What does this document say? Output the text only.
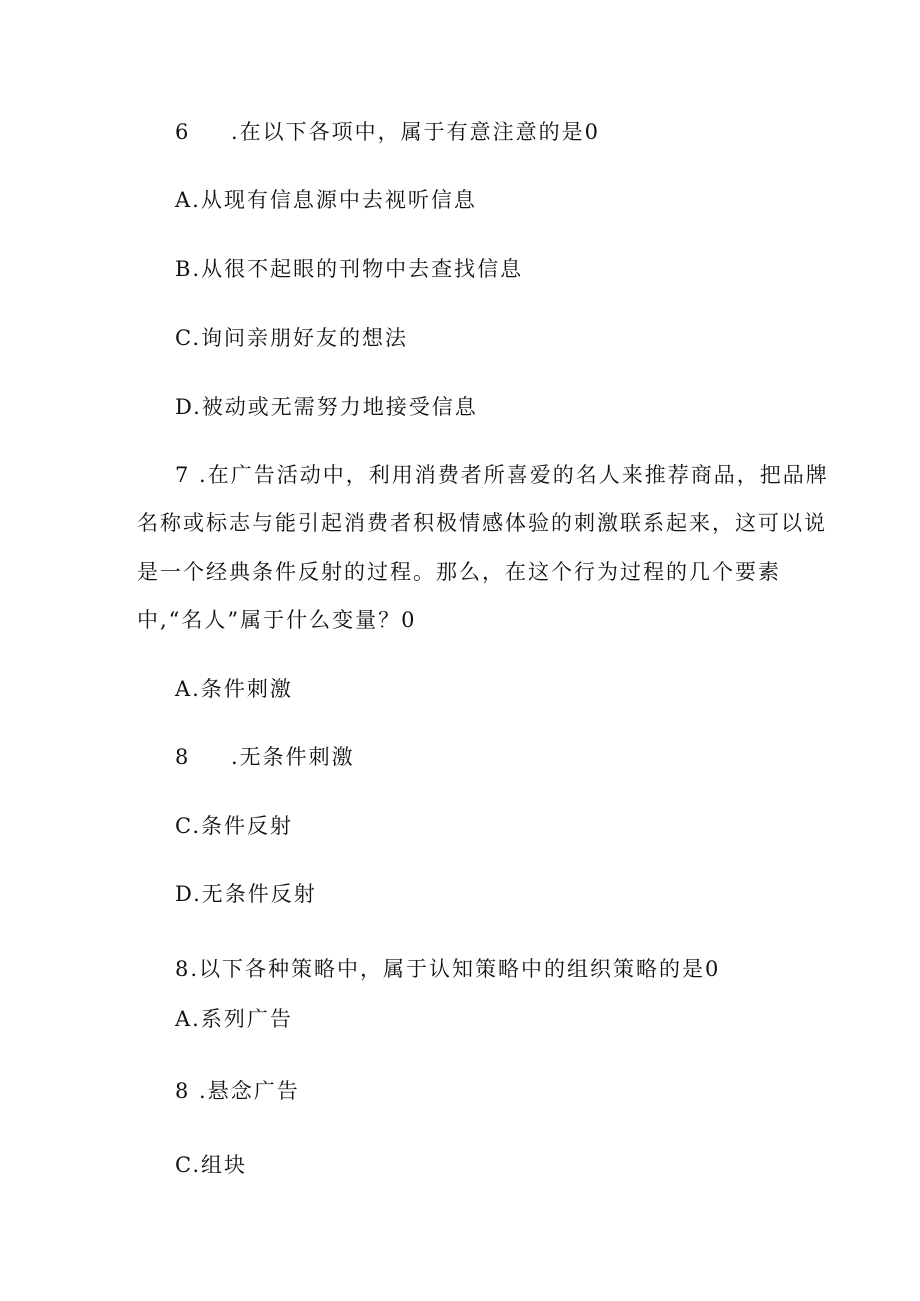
6 .在以下各项中，属于有意注意的是0
A.从现有信息源中去视听信息
B.从很不起眼的刊物中去查找信息
C.询问亲朋好友的想法
D.被动或无需努力地接受信息
7 .在广告活动中，利用消费者所喜爱的名人来推荐商品，把品牌
名称或标志与能引起消费者积极情感体验的刺激联系起来，这可以说
是一个经典条件反射的过程。那么，在这个行为过程的几个要素
中,“名人”属于什么变量？0
A.条件刺激
8 .无条件刺激
C.条件反射
D.无条件反射
8.以下各种策略中，属于认知策略中的组织策略的是0
A.系列广告
8 .悬念广告
C.组块
